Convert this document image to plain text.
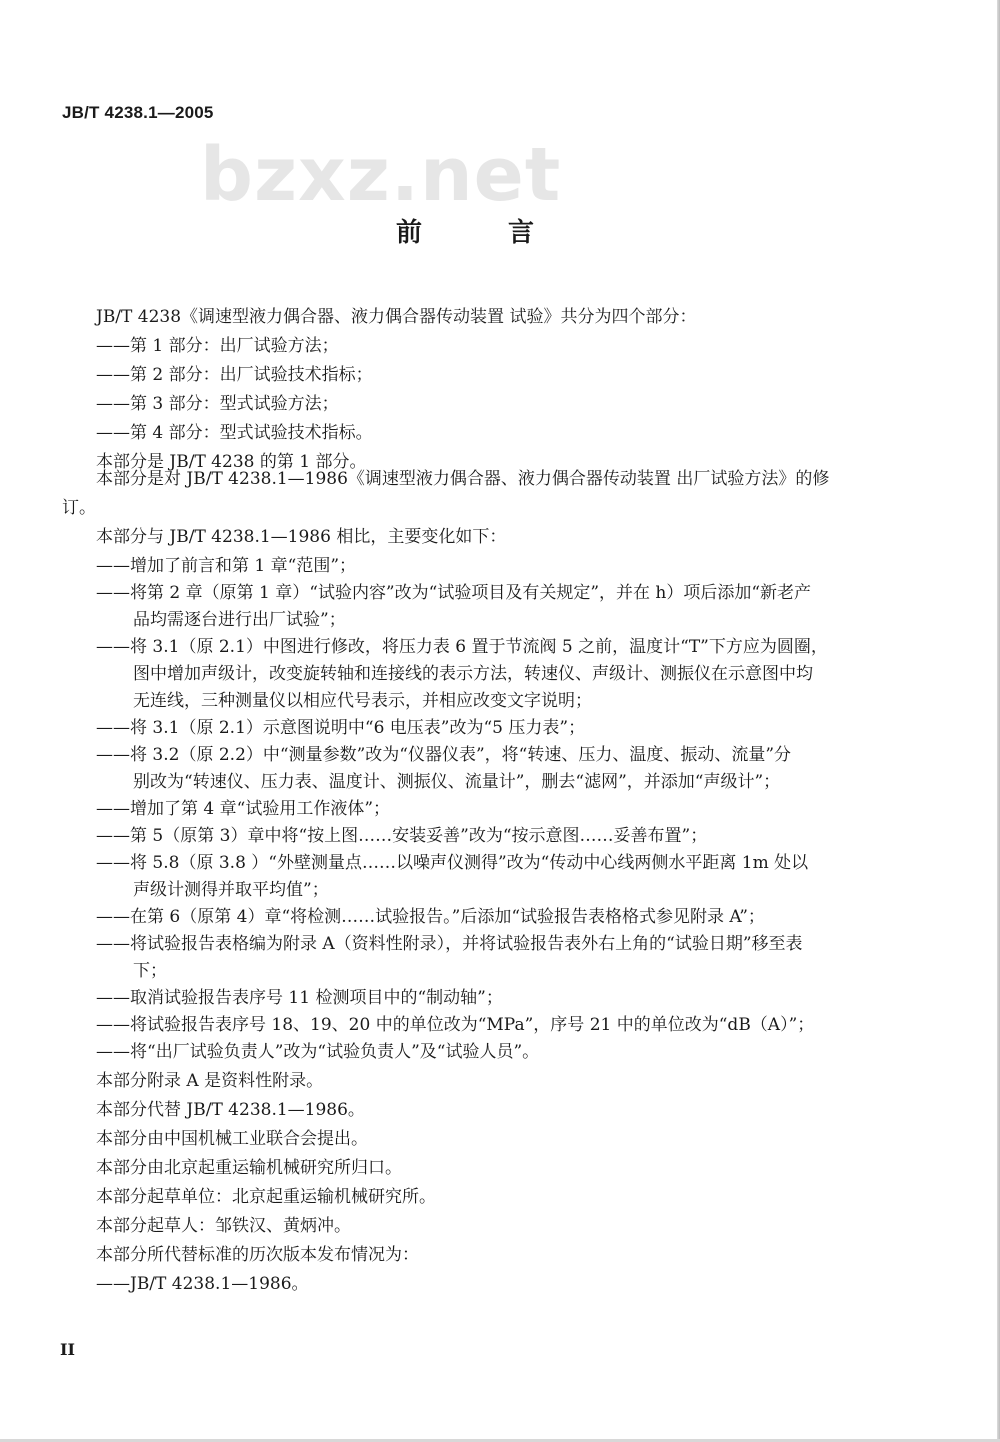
JB/T 4238.1—2005
bzxz.net
前　言
JB/T 4238《调速型液力偶合器、液力偶合器传动装置 试验》共分为四个部分：
——第 1 部分：出厂试验方法；
——第 2 部分：出厂试验技术指标；
——第 3 部分：型式试验方法；
——第 4 部分：型式试验技术指标。
本部分是 JB/T 4238 的第 1 部分。
本部分是对 JB/T 4238.1—1986《调速型液力偶合器、液力偶合器传动装置 出厂试验方法》的修
订。
本部分与 JB/T 4238.1—1986 相比，主要变化如下：
——增加了前言和第 1 章“范围”；
——将第 2 章（原第 1 章）“试验内容”改为“试验项目及有关规定”，并在 h）项后添加“新老产
品均需逐台进行出厂试验”；
——将 3.1（原 2.1）中图进行修改，将压力表 6 置于节流阀 5 之前，温度计“T”下方应为圆圈，
图中增加声级计，改变旋转轴和连接线的表示方法，转速仪、声级计、测振仪在示意图中均
无连线，三种测量仪以相应代号表示，并相应改变文字说明；
——将 3.1（原 2.1）示意图说明中“6 电压表”改为“5 压力表”；
——将 3.2（原 2.2）中“测量参数”改为“仪器仪表”，将“转速、压力、温度、振动、流量”分
别改为“转速仪、压力表、温度计、测振仪、流量计”，删去“滤网”，并添加“声级计”；
——增加了第 4 章“试验用工作液体”；
——第 5（原第 3）章中将“按上图……安装妥善”改为“按示意图……妥善布置”；
——将 5.8（原 3.8 ）“外壁测量点……以噪声仪测得”改为“传动中心线两侧水平距离 1m 处以
声级计测得并取平均值”；
——在第 6（原第 4）章“将检测……试验报告。”后添加“试验报告表格格式参见附录 A”；
——将试验报告表格编为附录 A（资料性附录），并将试验报告表外右上角的“试验日期”移至表
下；
——取消试验报告表序号 11 检测项目中的“制动轴”；
——将试验报告表序号 18、19、20 中的单位改为“MPa”，序号 21 中的单位改为“dB（A）”；
——将“出厂试验负责人”改为“试验负责人”及“试验人员”。
本部分附录 A 是资料性附录。
本部分代替 JB/T 4238.1—1986。
本部分由中国机械工业联合会提出。
本部分由北京起重运输机械研究所归口。
本部分起草单位：北京起重运输机械研究所。
本部分起草人：邹铁汉、黄炳冲。
本部分所代替标准的历次版本发布情况为：
——JB/T 4238.1—1986。
II
